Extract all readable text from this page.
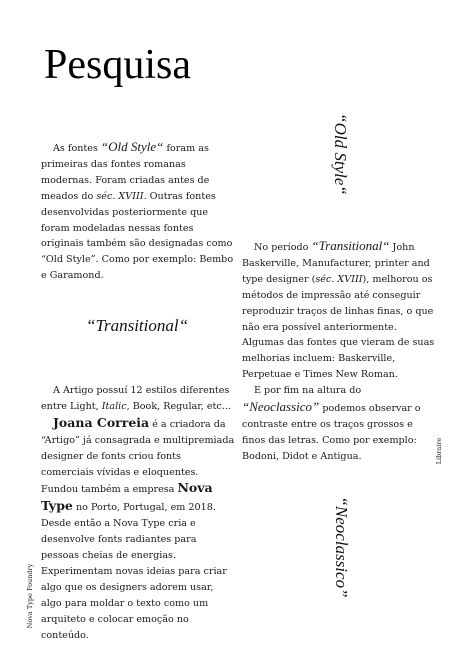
Pesquisa

As fontes “Old Style“ foram as primeiras das fontes romanas modernas. Foram criadas antes de meados do séc. XVIII. Outras fontes desenvolvidas posteriormente que foram modeladas nessas fontes originais também são designadas como “Old Style”. Como por exemplo: Bembo e Garamond.

“Transitional“

A Artigo possuí 12 estilos diferentes entre Light, Italic, Book, Regular, etc...

Joana Correia é a criadora da “Artigo” já consagrada e multipremiada designer de fonts criou fonts comerciais vívidas e eloquentes. Fundou também a empresa Nova Type no Porto, Portugal, em 2018. Desde então a Nova Type cria e desenvolve fonts radiantes para pessoas cheias de energias. Experimentam novas ideias para criar algo que os designers adorem usar, algo para moldar o texto como um arquiteto e colocar emoção no conteúdo.

“Old Style“

No período “Transitional“ John Baskerville, Manufacturer, printer and type designer (séc. XVIII), melhorou os métodos de impressão até conseguir reproduzir traços de linhas finas, o que não era possível anteriormente. Algumas das fontes que vieram de suas melhorias incluem: Baskerville, Perpetuae e Times New Roman.

E por fim na altura do “Neoclassico” podemos observar o contraste entre os traços grossos e finos das letras. Como por exemplo: Bodoni, Didot e Antigua.

“Neoclassico”
Nova Type Foundry
Libraire
